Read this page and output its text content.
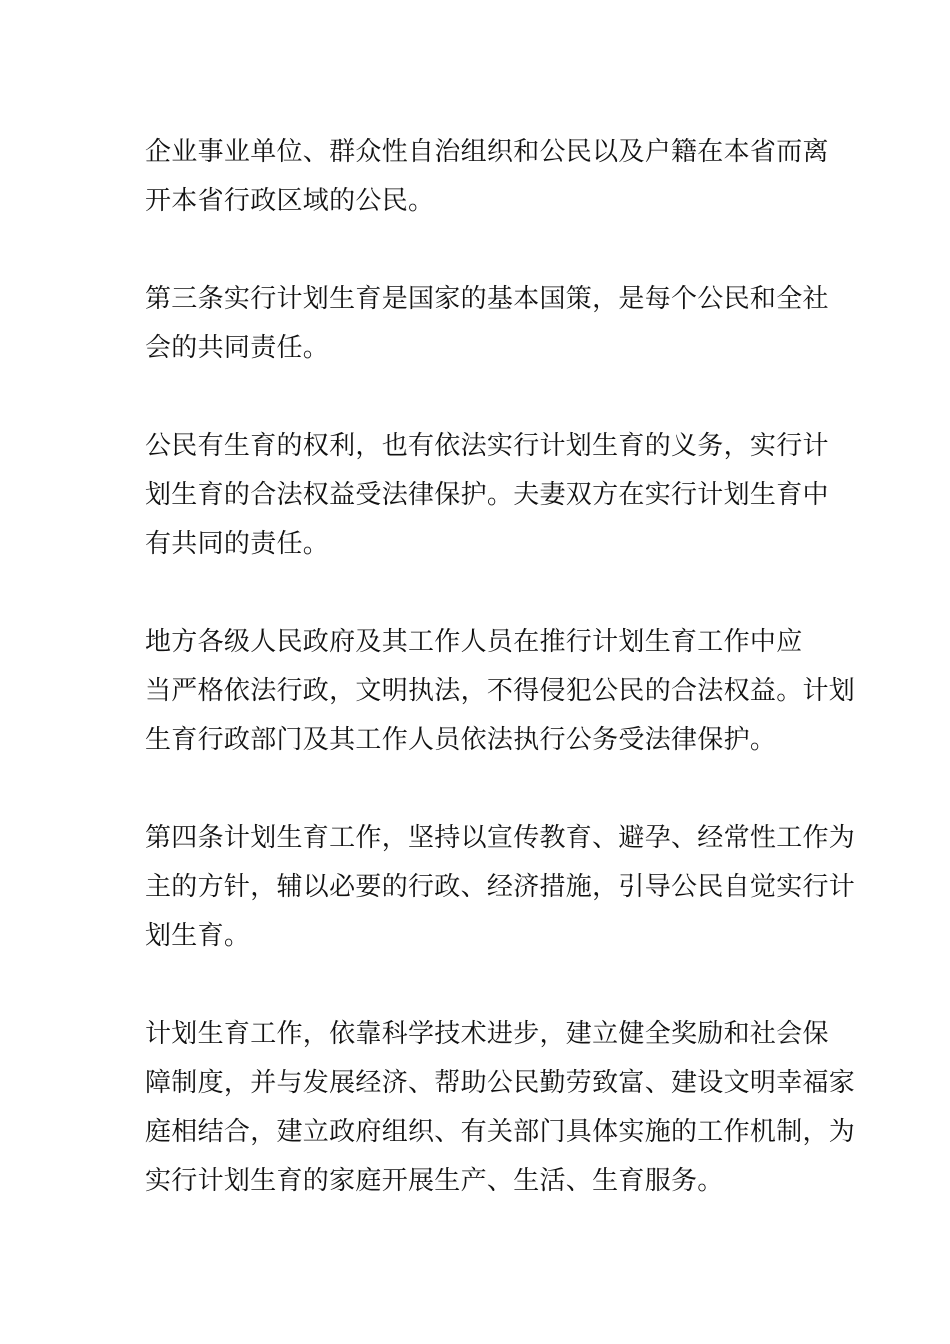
企业事业单位、群众性自治组织和公民以及户籍在本省而离
开本省行政区域的公民。
第三条实行计划生育是国家的基本国策，是每个公民和全社
会的共同责任。
公民有生育的权利，也有依法实行计划生育的义务，实行计
划生育的合法权益受法律保护。夫妻双方在实行计划生育中
有共同的责任。
地方各级人民政府及其工作人员在推行计划生育工作中应
当严格依法行政，文明执法，不得侵犯公民的合法权益。计划
生育行政部门及其工作人员依法执行公务受法律保护。
第四条计划生育工作，坚持以宣传教育、避孕、经常性工作为
主的方针，辅以必要的行政、经济措施，引导公民自觉实行计
划生育。
计划生育工作，依靠科学技术进步，建立健全奖励和社会保
障制度，并与发展经济、帮助公民勤劳致富、建设文明幸福家
庭相结合，建立政府组织、有关部门具体实施的工作机制，为
实行计划生育的家庭开展生产、生活、生育服务。
